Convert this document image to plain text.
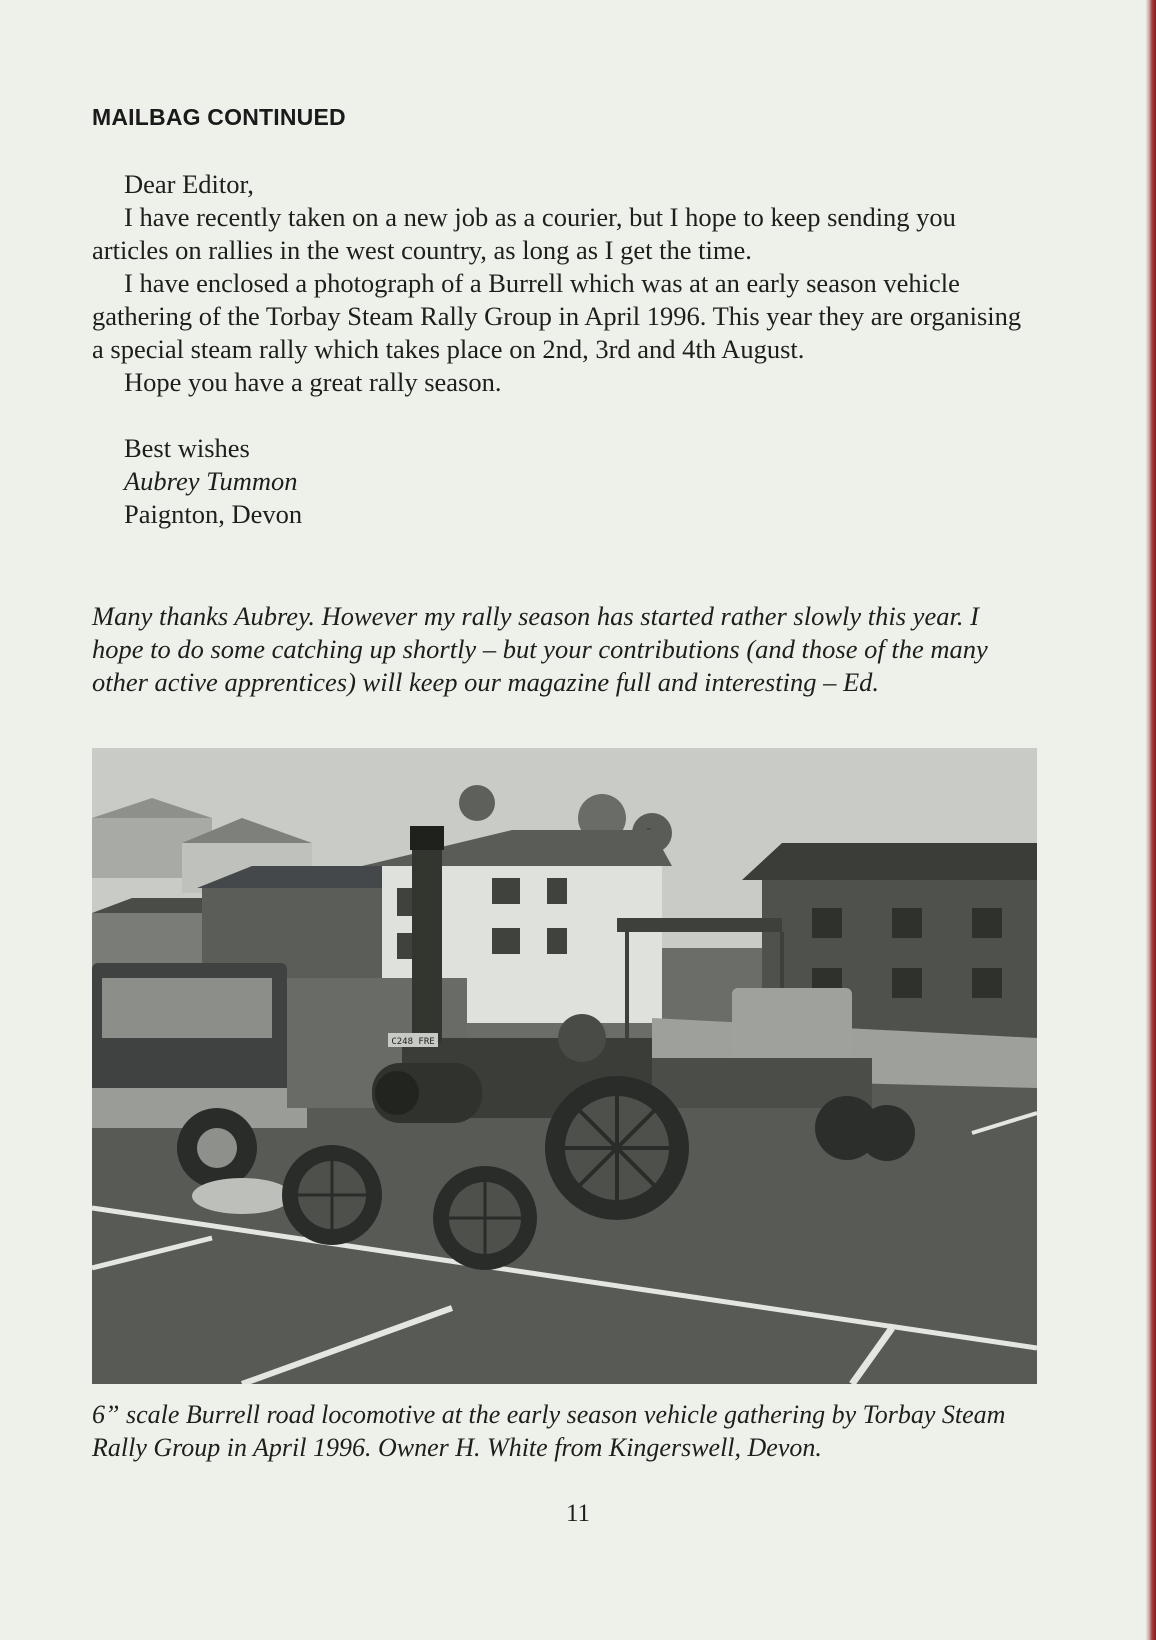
MAILBAG CONTINUED
Dear Editor,

I have recently taken on a new job as a courier, but I hope to keep sending you articles on rallies in the west country, as long as I get the time.

I have enclosed a photograph of a Burrell which was at an early season vehicle gathering of the Torbay Steam Rally Group in April 1996. This year they are organising a special steam rally which takes place on 2nd, 3rd and 4th August.

Hope you have a great rally season.

Best wishes
Aubrey Tummon
Paignton, Devon
Many thanks Aubrey. However my rally season has started rather slowly this year. I hope to do some catching up shortly – but your contributions (and those of the many other active apprentices) will keep our magazine full and interesting – Ed.
C248 FRE
6” scale Burrell road locomotive at the early season vehicle gathering by Torbay Steam Rally Group in April 1996. Owner H. White from Kingerswell, Devon.
11
